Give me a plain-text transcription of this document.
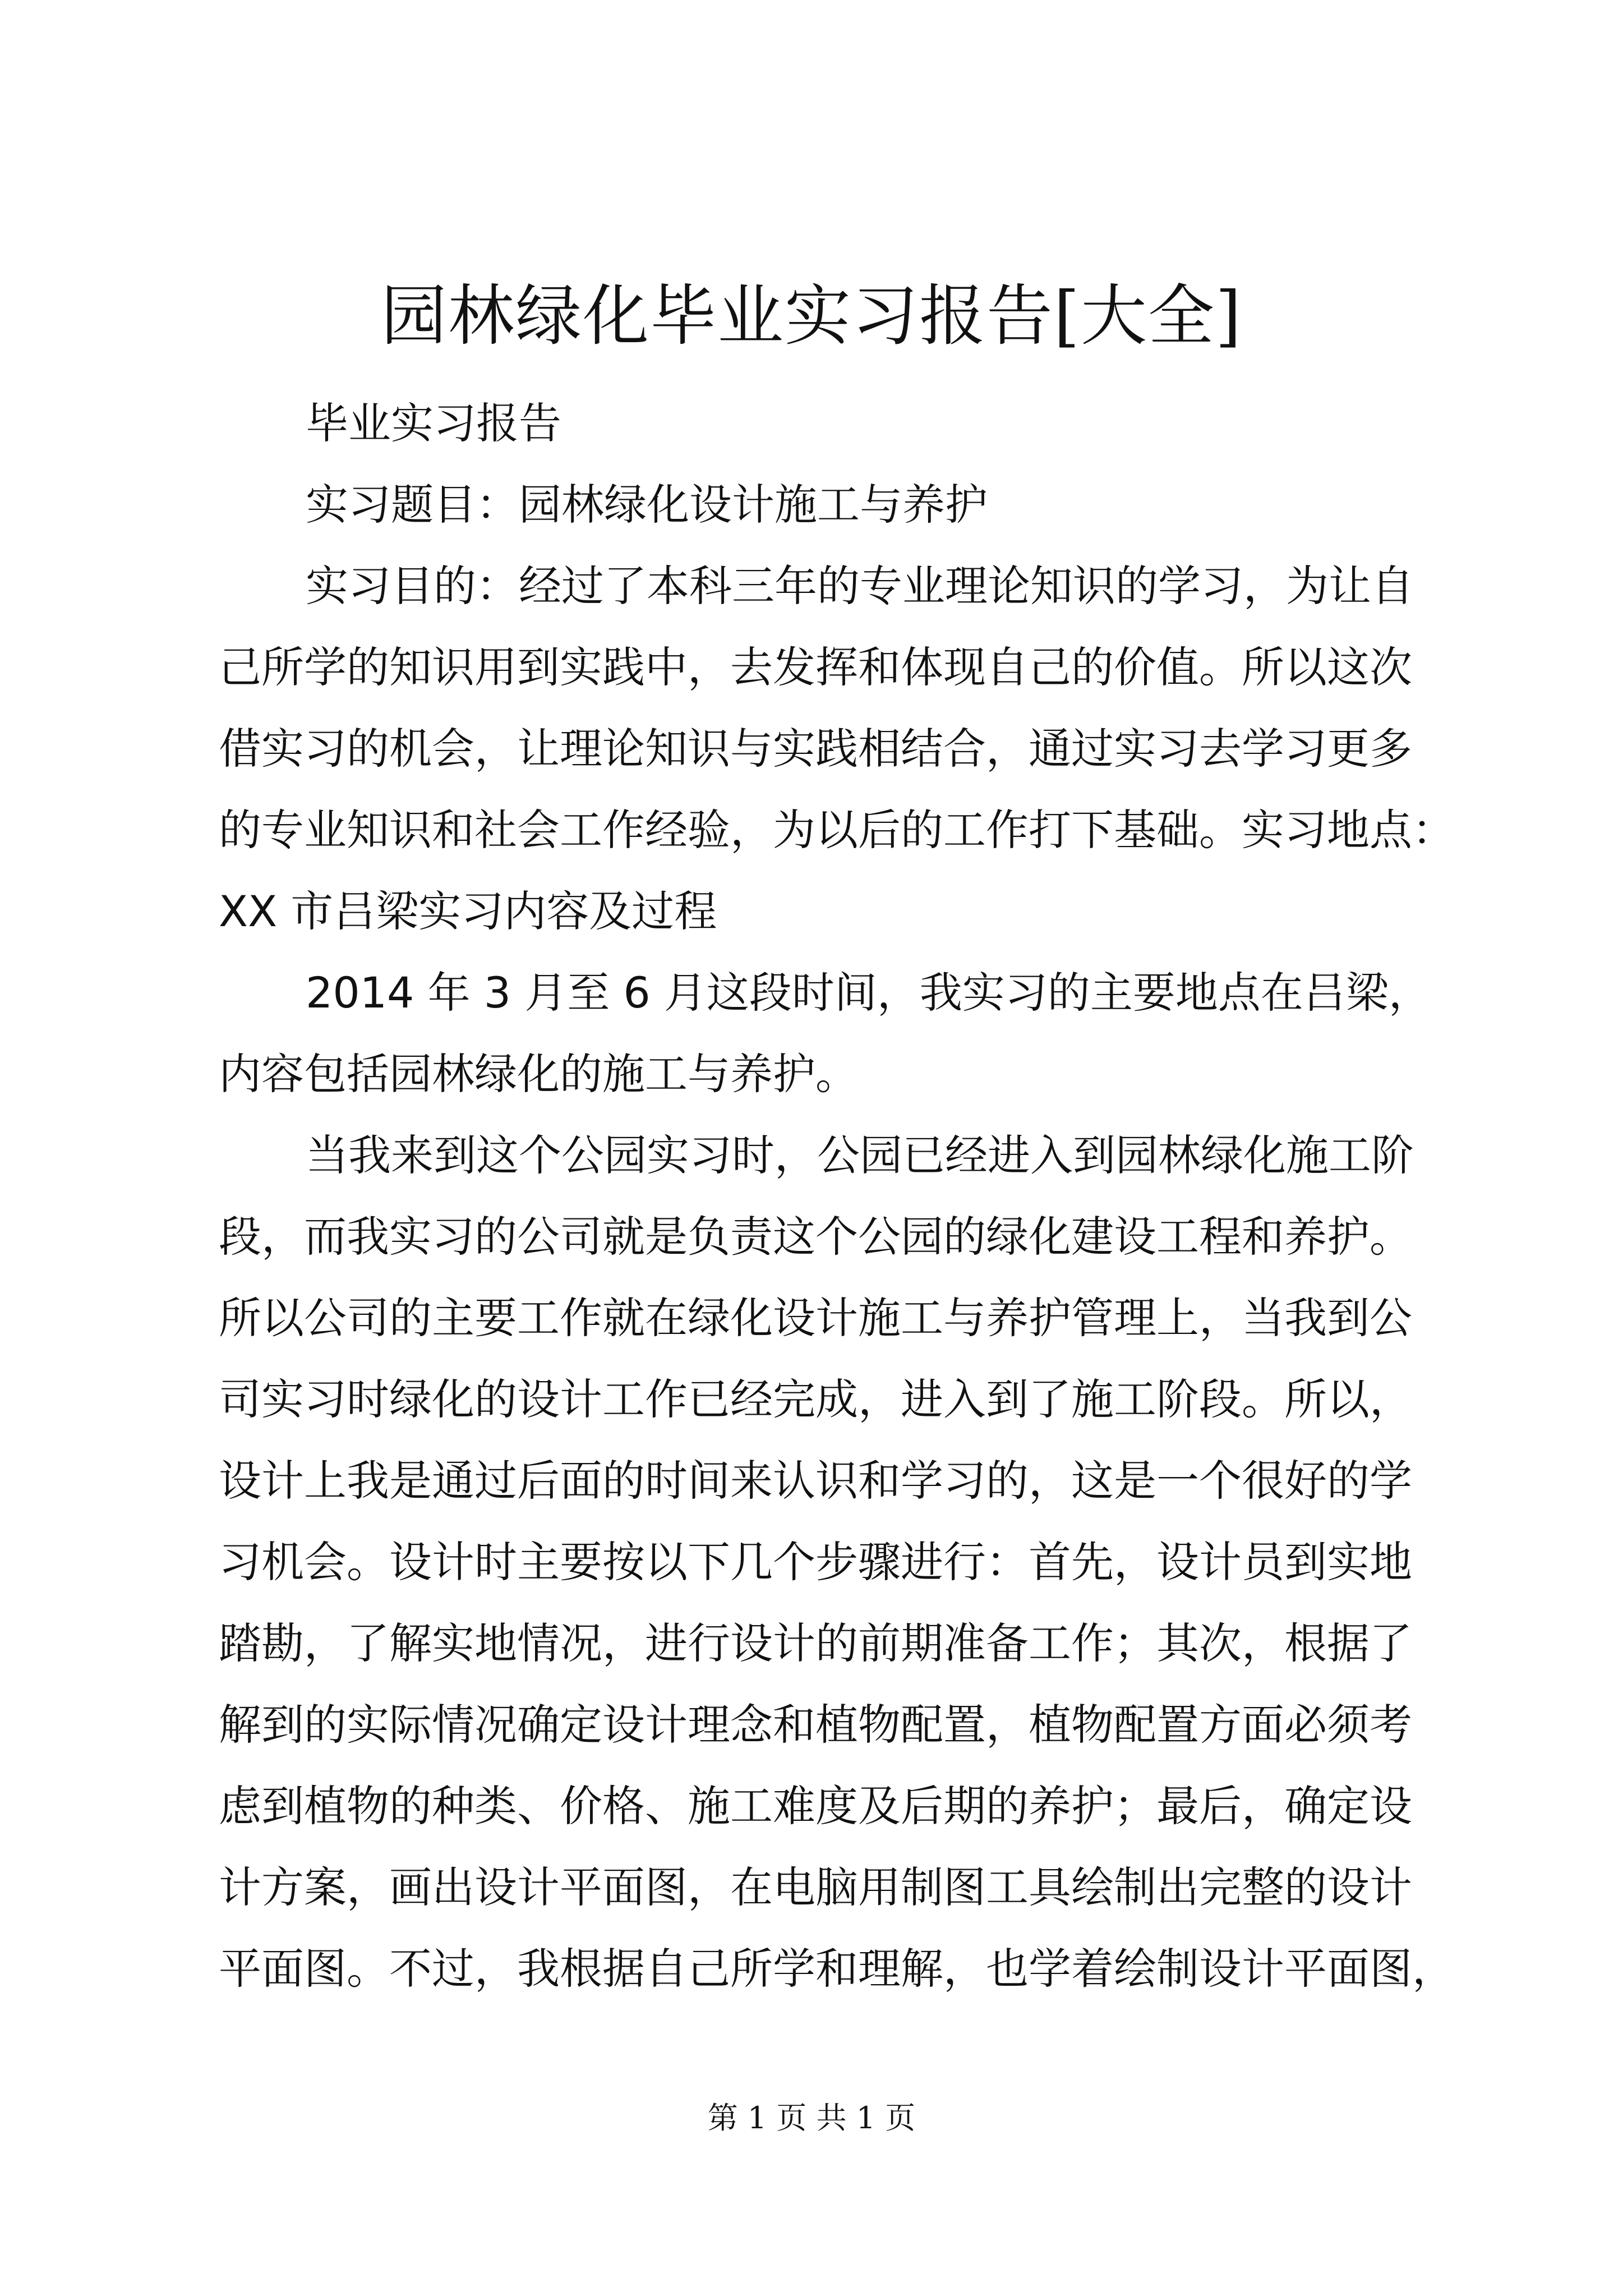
园林绿化毕业实习报告[大全]
毕业实习报告
实习题目：园林绿化设计施工与养护
实习目的：经过了本科三年的专业理论知识的学习，为让自
己所学的知识用到实践中，去发挥和体现自己的价值。所以这次
借实习的机会，让理论知识与实践相结合，通过实习去学习更多
的专业知识和社会工作经验，为以后的工作打下基础。实习地点：
XX 市吕梁实习内容及过程
2014 年 3 月至 6 月这段时间，我实习的主要地点在吕梁，
内容包括园林绿化的施工与养护。
当我来到这个公园实习时，公园已经进入到园林绿化施工阶
段，而我实习的公司就是负责这个公园的绿化建设工程和养护。
所以公司的主要工作就在绿化设计施工与养护管理上，当我到公
司实习时绿化的设计工作已经完成，进入到了施工阶段。所以，
设计上我是通过后面的时间来认识和学习的，这是一个很好的学
习机会。设计时主要按以下几个步骤进行：首先，设计员到实地
踏勘，了解实地情况，进行设计的前期准备工作；其次，根据了
解到的实际情况确定设计理念和植物配置，植物配置方面必须考
虑到植物的种类、价格、施工难度及后期的养护；最后，确定设
计方案，画出设计平面图，在电脑用制图工具绘制出完整的设计
平面图。不过，我根据自己所学和理解，也学着绘制设计平面图，
第 1 页 共 1 页
